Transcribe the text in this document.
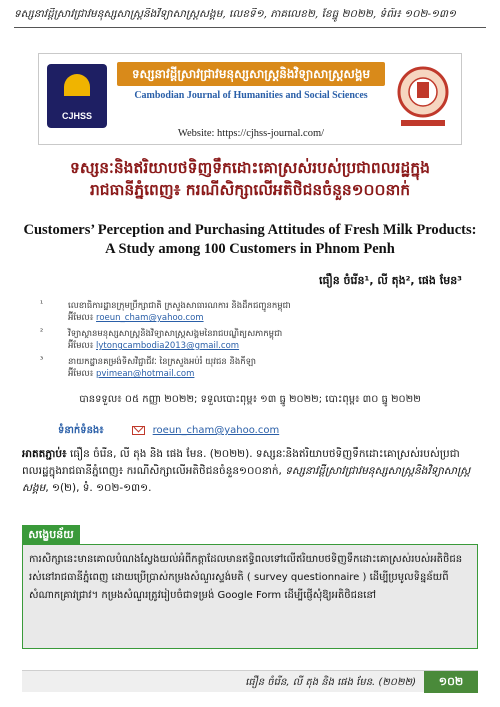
ទស្សនាវដ្តីស្រាវជ្រាវមនុស្សសាស្ត្រនិងវិទ្យាសាស្ត្រសង្គម, លេខទី១, ភាគលេខ២, ខែធ្នូ ២០២២, ទំព័រ៖ ១០២-១៣១
CJHSS
ទស្សនាវដ្តីស្រាវជ្រាវមនុស្សសាស្ត្រនិងវិទ្យាសាស្ត្រសង្គម
Cambodian Journal of Humanities and Social Sciences
Website: https://cjhss-journal.com/
ទស្សនៈនិងឥរិយាបថទិញទឹកដោះគោស្រស់របស់ប្រជាពលរដ្ឋក្នុង
រាជធានីភ្នំពេញ៖ ករណីសិក្សាលើអតិថិជនចំនួន១០០នាក់
Customers’ Perception and Purchasing Attitudes of Fresh Milk Products:
A Study among 100 Customers in Phnom Penh
ធឿន ចំរើន¹, លី តុង², ផេង មែន³
¹	លេខាធិការដ្ឋានក្រុមប្រឹក្សាជាតិ ក្រសួងសាធារណការ និងដឹកជញ្ជូនកម្ពុជា
អ៊ីមែល៖ roeun_cham@yahoo.com
²	វិទ្យាស្ថានមនុស្សសាស្ត្រនិងវិទ្យាសាស្ត្រសង្គមនៃរាជបណ្ឌិត្យសភាកម្ពុជា
អ៊ីមែល៖ lytongcambodia2013@gmail.com
³	នាយកដ្ឋានគម្រង់ទិសវិជ្ជាជីវៈ នៃក្រសួងអប់រំ យុវជន និងកីឡា
អ៊ីមែល៖ pvimean@hotmail.com
បានទទួល៖ ០៥ កញ្ញា ២០២២; ទទួលបោះពុម្ព៖ ១៣ ធ្នូ ២០២២; បោះពុម្ព៖ ៣០ ធ្នូ ២០២២
ទំនាក់ទំនង៖	roeun_cham@yahoo.com
អាតតភ្ជាប់៖ ធឿន ចំរើន, លី តុង និង ផេង មែន. (២០២២). ទស្សនៈនិងឥរិយាបថទិញទឹកដោះគោស្រស់របស់ប្រជាពលរដ្ឋក្នុងរាជធានីភ្នំពេញ៖ ករណីសិក្សាលើអតិថិជនចំនួន១០០នាក់, ទស្សនាវដ្តីស្រាវជ្រាវមនុស្សសាស្ត្រនិងវិទ្យាសាស្ត្រសង្គម, ១(២), ទំ. ១០២-១៣១.
សង្ខេបន័យ
ការសិក្សានេះមានគោលបំណងស្វែងយល់អំពីកត្តាដែលមានឥទ្ធិពលទៅលើឥរិយាបថទិញទឹកដោះគោស្រស់របស់អតិថិជនរស់នៅរាជធានីភ្នំពេញ ដោយប្រើប្រាស់កម្រងសំណួរស្ទង់មតិ ( survey questionnaire ) ដើម្បីប្រមូលទិន្នន័យពីសំណាកគ្រាវជ្រាវ។ កម្រងសំណួរត្រូវរៀបចំជាទម្រង់ Google Form ដើម្បីផ្ញើសុំឱ្យអតិថិជននៅ
ធឿន ចំរើន, លី តុង និង ផេង មែន. (២០២២)	១០២
